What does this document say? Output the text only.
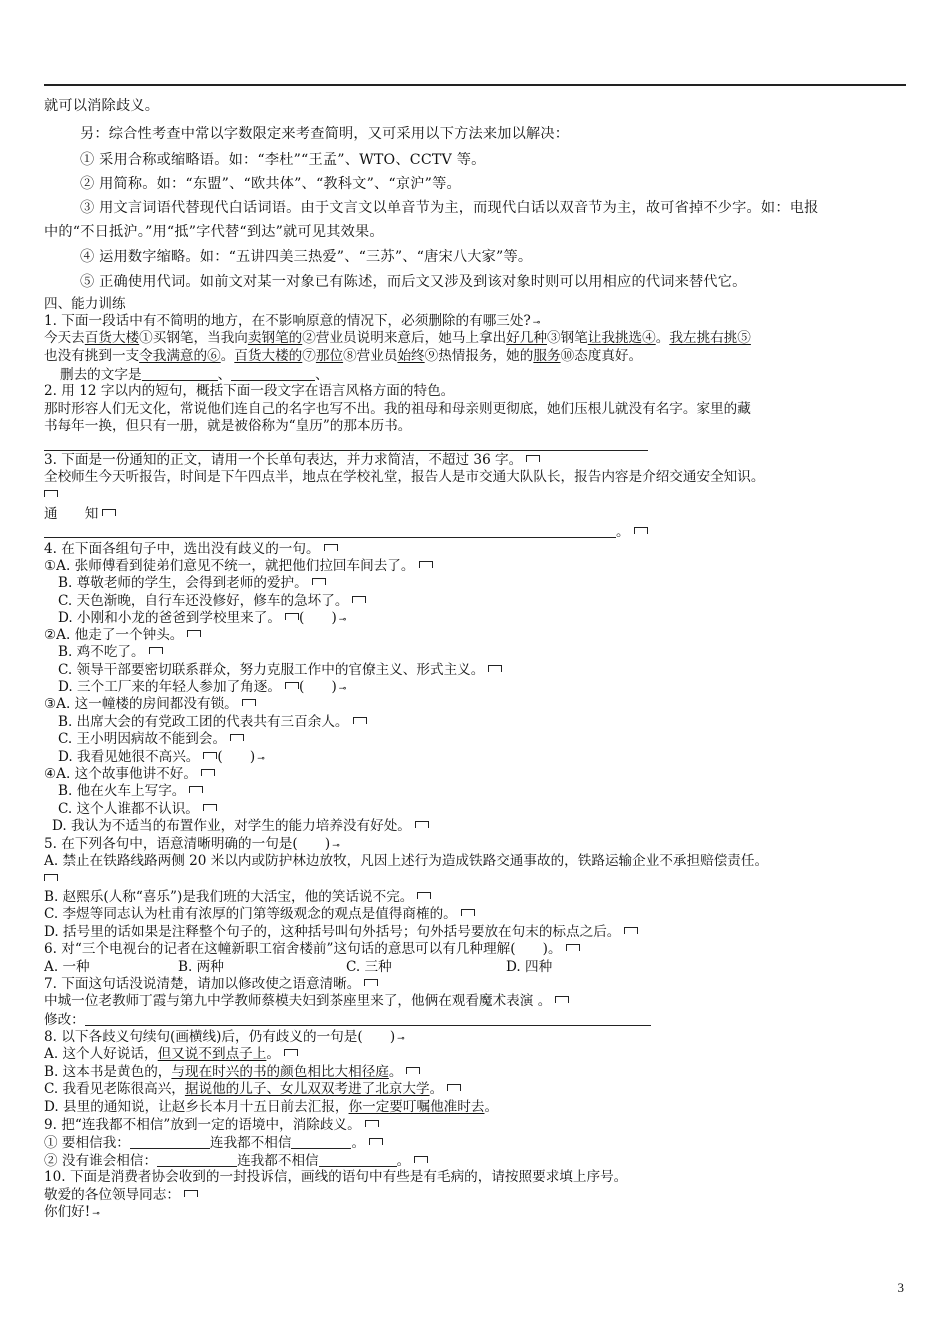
就可以消除歧义。
另：综合性考查中常以字数限定来考查简明，又可采用以下方法来加以解决：
① 采用合称或缩略语。如：“李杜”“王孟”、WTO、CCTV 等。
② 用简称。如：“东盟”、“欧共体”、“教科文”、“京沪”等。
③ 用文言词语代替现代白话词语。由于文言文以单音节为主，而现代白话以双音节为主，故可省掉不少字。如：电报
中的“不日抵沪。”用“抵”字代替“到达”就可见其效果。
④ 运用数字缩略。如：“五讲四美三热爱”、“三苏”、“唐宋八大家”等。
⑤ 正确使用代词。如前文对某一对象已有陈述，而后文又涉及到该对象时则可以用相应的代词来替代它。
四、能力训练
1. 下面一段话中有不简明的地方，在不影响原意的情况下，必须删除的有哪三处? ⊸
今天去百货大楼①买钢笔，当我向卖钢笔的②营业员说明来意后，她马上拿出好几种③钢笔让我挑选④。我左挑右挑⑤
也没有挑到一支令我满意的⑥。百货大楼的⑦那位⑧营业员始终⑨热情报务，她的服务⑩态度真好。
删去的文字是	、	、
2. 用 12 字以内的短句，概括下面一段文字在语言风格方面的特色。
那时形容人们无文化，常说他们连自己的名字也写不出。我的祖母和母亲则更彻底，她们压根儿就没有名字。家里的藏
书每年一换，但只有一册，就是被俗称为“皇历”的那本历书。
3. 下面是一份通知的正文，请用一个长单句表达，并力求简洁，不超过 36 字。
全校师生今天听报告，时间是下午四点半，地点在学校礼堂，报告人是市交通大队队长，报告内容是介绍交通安全知识。
通　　知
。
4. 在下面各组句子中，选出没有歧义的一句。
①A. 张师傅看到徒弟们意见不统一，就把他们拉回车间去了。
B. 尊敬老师的学生，会得到老师的爱护。
C. 天色渐晚，自行车还没修好，修车的急坏了。
D. 小刚和小龙的爸爸到学校里来了。 (　　) ⊸
②A. 他走了一个钟头。
B. 鸡不吃了。
C. 领导干部要密切联系群众，努力克服工作中的官僚主义、形式主义。
D. 三个工厂来的年轻人参加了角逐。 (　　) ⊸
③A. 这一幢楼的房间都没有锁。
B. 出席大会的有党政工团的代表共有三百余人。
C. 王小明因病故不能到会。
D. 我看见她很不高兴。 (　　) ⊸
④A. 这个故事他讲不好。
B. 他在火车上写字。
C. 这个人谁都不认识。
D. 我认为不适当的布置作业，对学生的能力培养没有好处。
5. 在下列各句中，语意清晰明确的一句是(　　) ⊸
A. 禁止在铁路线路两侧 20 米以内或防护林边放牧，凡因上述行为造成铁路交通事故的，铁路运输企业不承担赔偿责任。
B. 赵熙乐(人称“喜乐”)是我们班的大活宝，他的笑话说不完。
C. 李煜等同志认为杜甫有浓厚的门第等级观念的观点是值得商榷的。
D. 括号里的话如果是注释整个句子的，这种括号叫句外括号；句外括号要放在句末的标点之后。
6. 对“三个电视台的记者在这幢新职工宿舍楼前”这句话的意思可以有几种理解(　　)。
A. 一种	B. 两种	C. 三种	D. 四种
7. 下面这句话没说清楚，请加以修改使之语意清晰。
中城一位老教师丁霞与第九中学教师蔡模夫妇到茶座里来了，他俩在观看魔术表演 。
修改：
8. 以下各歧义句续句(画横线)后，仍有歧义的一句是(　　) ⊸
A. 这个人好说话，但又说不到点子上。
B. 这本书是黄色的，与现在时兴的书的颜色相比大相径庭。
C. 我看见老陈很高兴，据说他的儿子、女儿双双考进了北京大学。
D. 县里的通知说，让赵乡长本月十五日前去汇报，你一定要叮嘱他准时去。
9. 把“连我都不相信”放到一定的语境中，消除歧义。
① 要相信我：	连我都不相信	。
② 没有谁会相信：	连我都不相信	。
10. 下面是消费者协会收到的一封投诉信，画线的语句中有些是有毛病的，请按照要求填上序号。
敬爱的各位领导同志：
你们好! ⊸
3
